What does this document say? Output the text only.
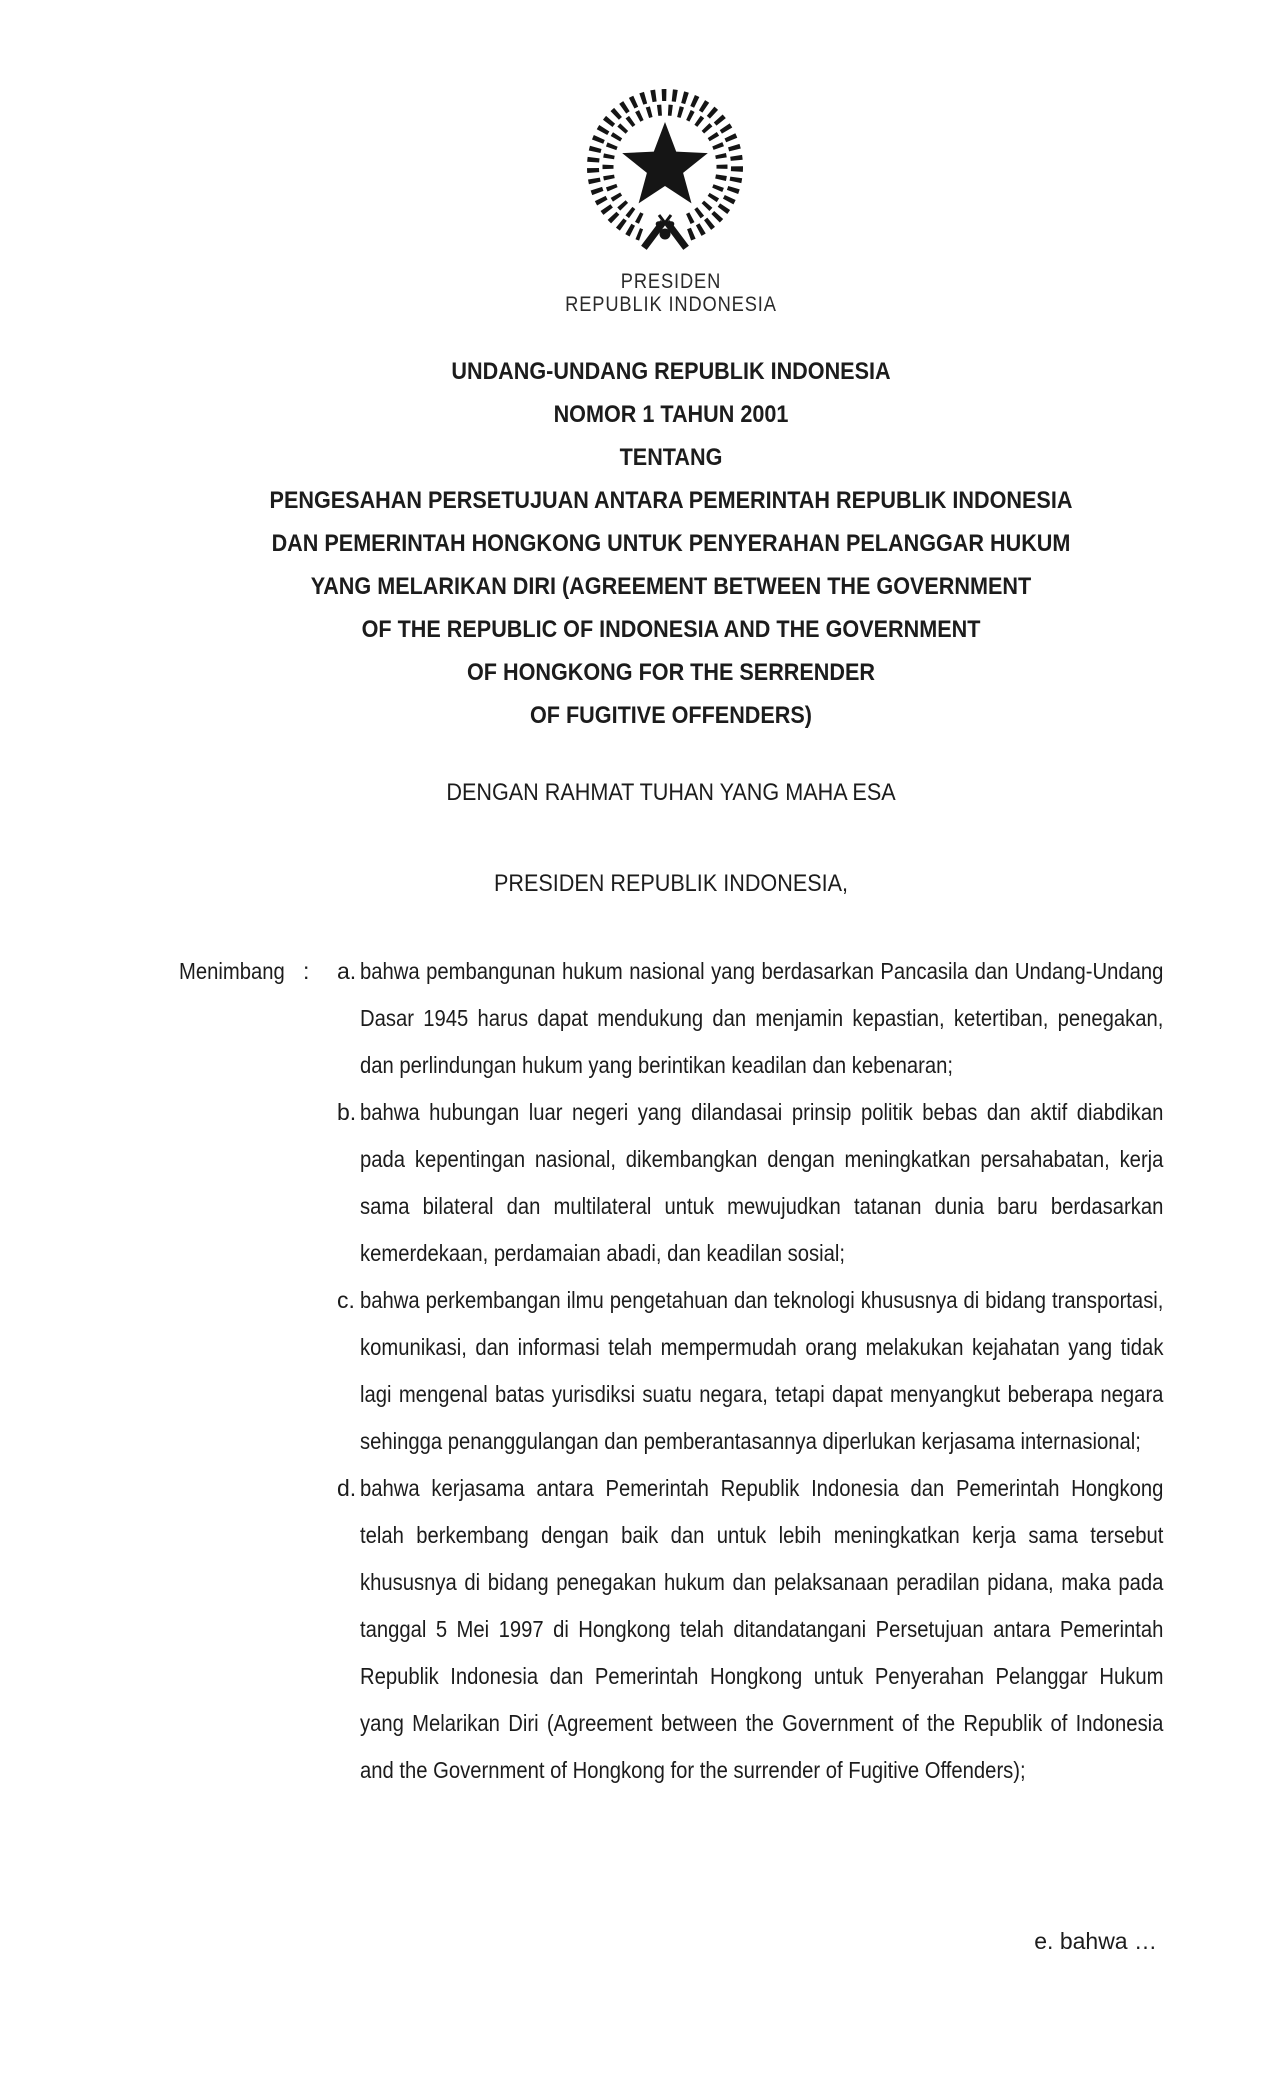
PRESIDEN
REPUBLIK INDONESIA
UNDANG-UNDANG REPUBLIK INDONESIA
NOMOR 1 TAHUN 2001
TENTANG
PENGESAHAN PERSETUJUAN ANTARA PEMERINTAH REPUBLIK INDONESIA
DAN PEMERINTAH HONGKONG UNTUK PENYERAHAN PELANGGAR HUKUM
YANG MELARIKAN DIRI (AGREEMENT BETWEEN THE GOVERNMENT
OF THE REPUBLIC OF INDONESIA AND THE GOVERNMENT
OF HONGKONG FOR THE SERRENDER
OF FUGITIVE OFFENDERS)
DENGAN RAHMAT TUHAN YANG MAHA ESA
PRESIDEN REPUBLIK INDONESIA,
Menimbang : a. bahwa pembangunan hukum nasional yang berdasarkan Pancasila dan Undang-Undang Dasar 1945 harus dapat mendukung dan menjamin kepastian, ketertiban, penegakan, dan perlindungan hukum yang berintikan keadilan dan kebenaran;
b. bahwa hubungan luar negeri yang dilandasai prinsip politik bebas dan aktif diabdikan pada kepentingan nasional, dikembangkan dengan meningkatkan persahabatan, kerja sama bilateral dan multilateral untuk mewujudkan tatanan dunia baru berdasarkan kemerdekaan, perdamaian abadi, dan keadilan sosial;
c. bahwa perkembangan ilmu pengetahuan dan teknologi khususnya di bidang transportasi, komunikasi, dan informasi telah mempermudah orang melakukan kejahatan yang tidak lagi mengenal batas yurisdiksi suatu negara, tetapi dapat menyangkut beberapa negara sehingga penanggulangan dan pemberantasannya diperlukan kerjasama internasional;
d. bahwa kerjasama antara Pemerintah Republik Indonesia dan Pemerintah Hongkong telah berkembang dengan baik dan untuk lebih meningkatkan kerja sama tersebut khususnya di bidang penegakan hukum dan pelaksanaan peradilan pidana, maka pada tanggal 5 Mei 1997 di Hongkong telah ditandatangani Persetujuan antara Pemerintah Republik Indonesia dan Pemerintah Hongkong untuk Penyerahan Pelanggar Hukum yang Melarikan Diri (Agreement between the Government of the Republik of Indonesia and the Government of Hongkong for the surrender of Fugitive Offenders);
e. bahwa …
